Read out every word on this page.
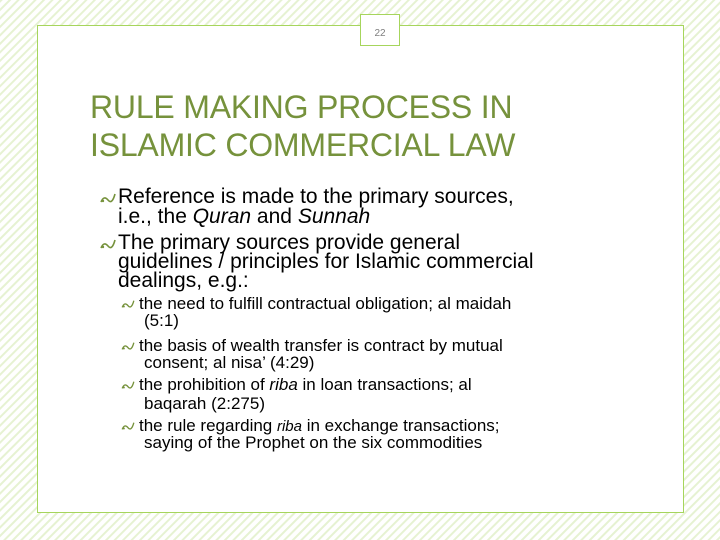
22
RULE MAKING PROCESS IN
ISLAMIC COMMERCIAL LAW
Reference is made to the primary sources,
i.e., the Quran and Sunnah
The primary sources provide general
guidelines / principles for Islamic commercial
dealings, e.g.:
the need to fulfill contractual obligation; al maidah
(5:1)
the basis of wealth transfer is contract by mutual
consent; al nisa’ (4:29)
the prohibition of riba in loan transactions; al
baqarah (2:275)
the rule regarding riba in exchange transactions;
saying of the Prophet on the six commodities
